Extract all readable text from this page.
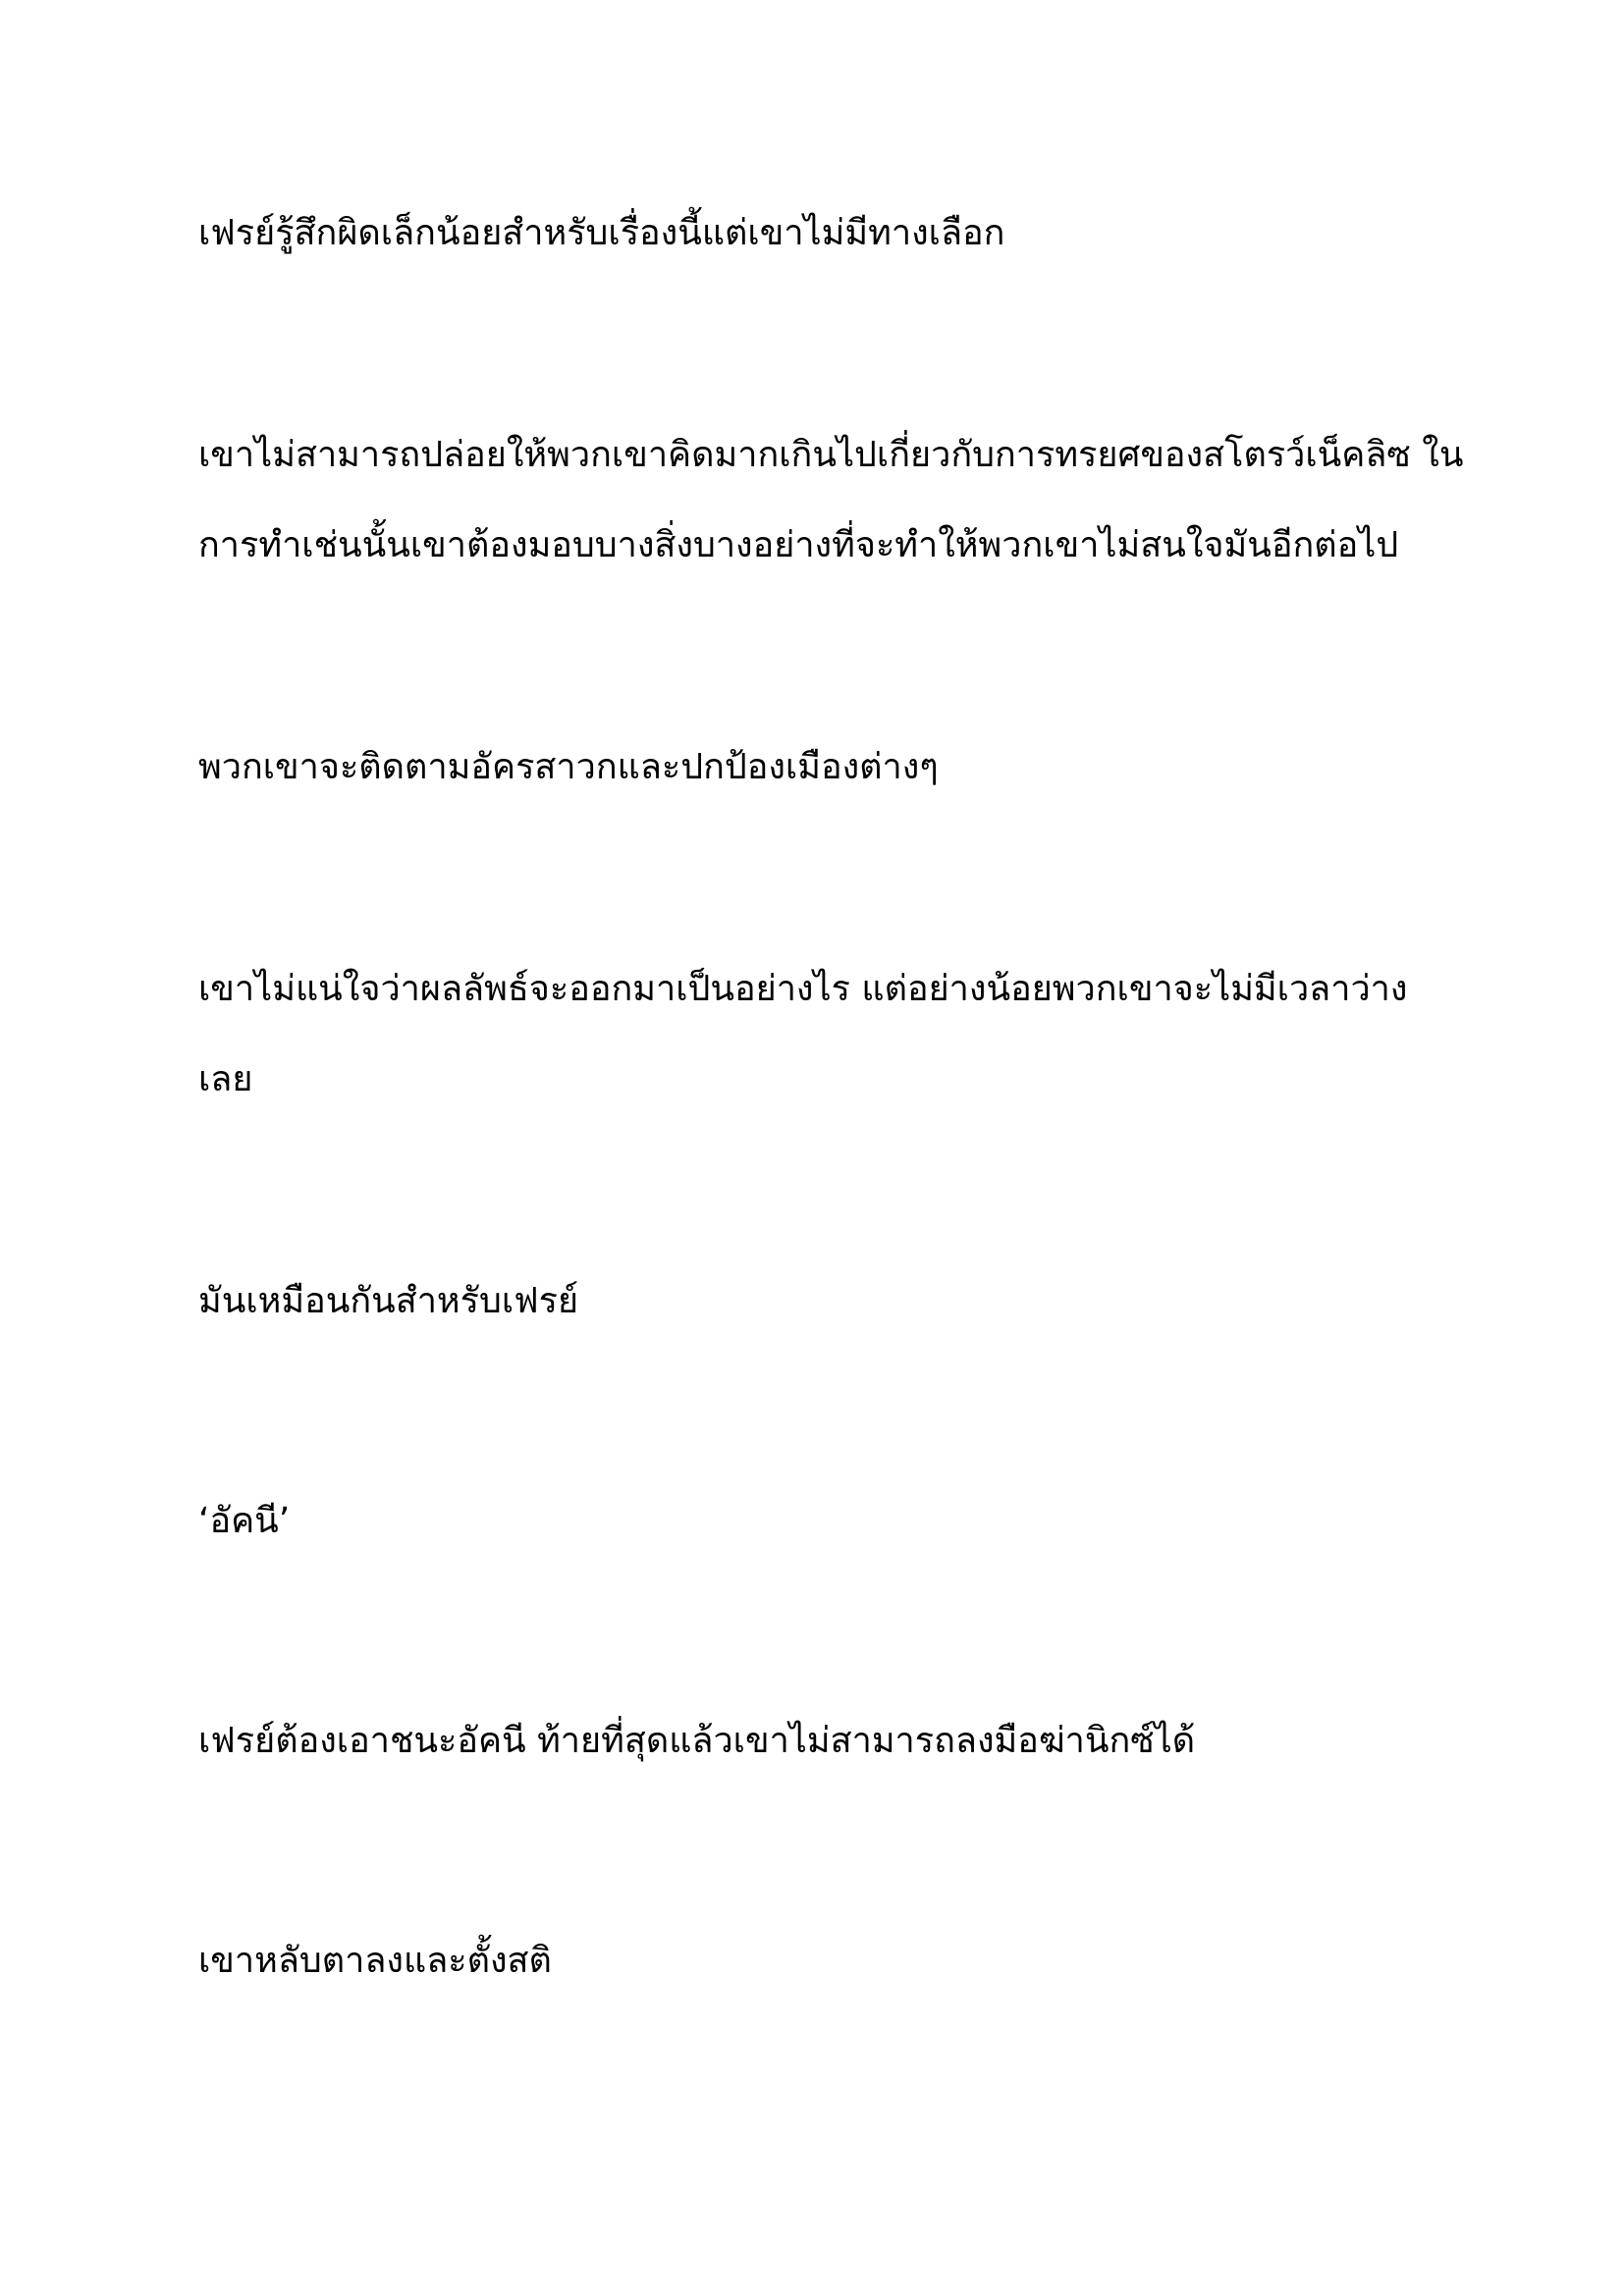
เฟรย์รู้สึกผิดเล็กน้อยสำหรับเรื่องนี้แต่เขาไม่มีทางเลือก

เขาไม่สามารถปล่อยให้พวกเขาคิดมากเกินไปเกี่ยวกับการทรยศของสโตรว์เน็คลิซ ใน
การทำเช่นนั้นเขาต้องมอบบางสิ่งบางอย่างที่จะทำให้พวกเขาไม่สนใจมันอีกต่อไป

พวกเขาจะติดตามอัครสาวกและปกป้องเมืองต่างๆ

เขาไม่แน่ใจว่าผลลัพธ์จะออกมาเป็นอย่างไร แต่อย่างน้อยพวกเขาจะไม่มีเวลาว่าง
เลย

มันเหมือนกันสำหรับเฟรย์

‘อัคนี’

เฟรย์ต้องเอาชนะอัคนี ท้ายที่สุดแล้วเขาไม่สามารถลงมือฆ่านิกซ์ได้

เขาหลับตาลงและตั้งสติ
